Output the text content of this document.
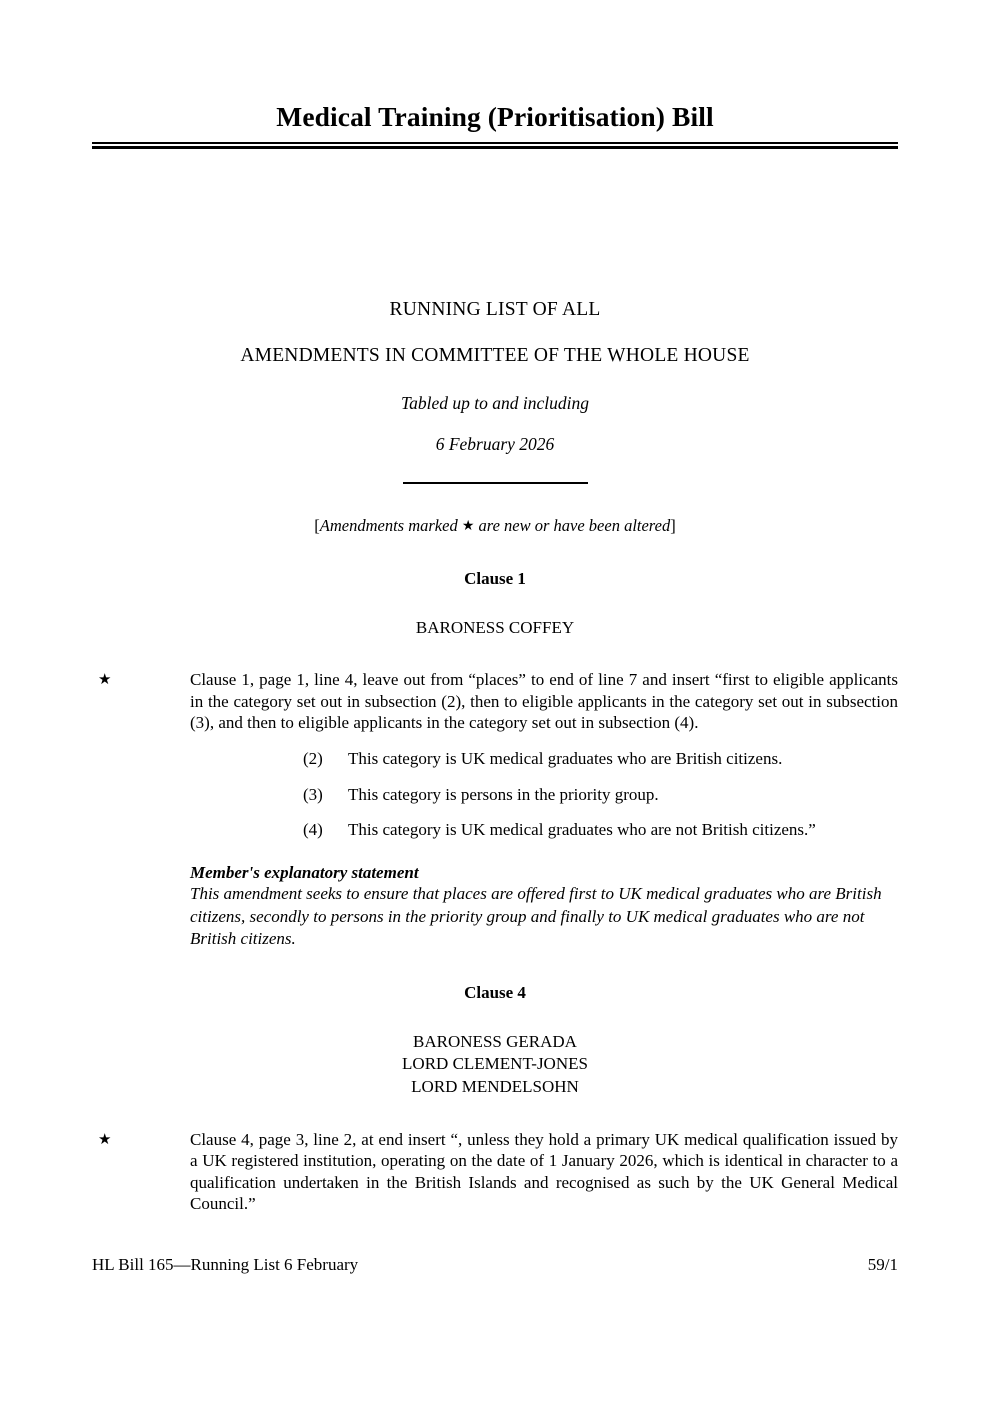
Medical Training (Prioritisation) Bill
RUNNING LIST OF ALL
AMENDMENTS IN COMMITTEE OF THE WHOLE HOUSE
Tabled up to and including
6 February 2026
[Amendments marked ★ are new or have been altered]
Clause 1
BARONESS COFFEY
★	Clause 1, page 1, line 4, leave out from “places” to end of line 7 and insert “first to eligible applicants in the category set out in subsection (2), then to eligible applicants in the category set out in subsection (3), and then to eligible applicants in the category set out in subsection (4).

(2) This category is UK medical graduates who are British citizens.
(3) This category is persons in the priority group.
(4) This category is UK medical graduates who are not British citizens.”

Member's explanatory statement

This amendment seeks to ensure that places are offered first to UK medical graduates who are British citizens, secondly to persons in the priority group and finally to UK medical graduates who are not British citizens.

Clause 4
BARONESS GERADA
LORD CLEMENT-JONES
LORD MENDELSOHN
★	Clause 4, page 3, line 2, at end insert “, unless they hold a primary UK medical qualification issued by a UK registered institution, operating on the date of 1 January 2026, which is identical in character to a qualification undertaken in the British Islands and recognised as such by the UK General Medical Council.”

HL Bill 165—Running List 6 February	59/1
